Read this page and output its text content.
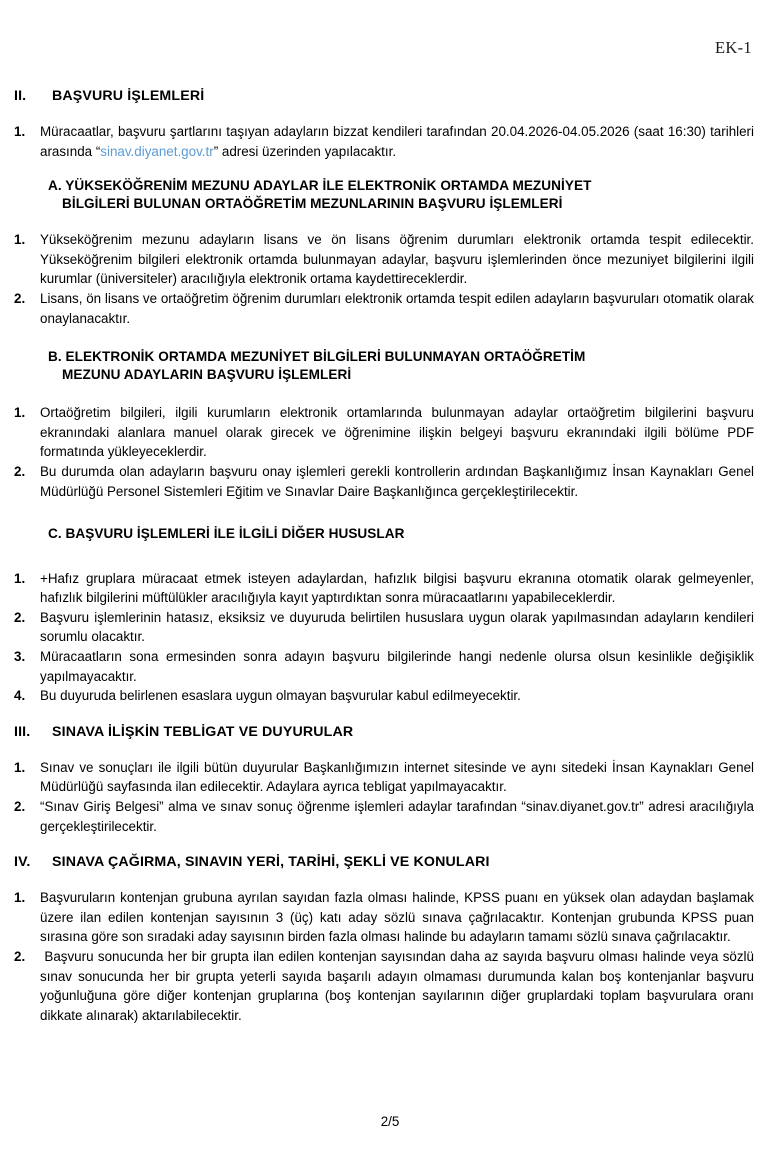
EK-1
II.	BAŞVURU İŞLEMLERİ
1.	Müracaatlar, başvuru şartlarını taşıyan adayların bizzat kendileri tarafından 20.04.2026-04.05.2026 (saat 16:30) tarihleri arasında “sinav.diyanet.gov.tr” adresi üzerinden yapılacaktır.
A. YÜKSEKÖĞRENİM MEZUNU ADAYLAR İLE ELEKTRONİK ORTAMDA MEZUNİYET
BİLGİLERİ BULUNAN ORTAÖĞRETİM MEZUNLARININ BAŞVURU İŞLEMLERİ
1.	Yükseköğrenim mezunu adayların lisans ve ön lisans öğrenim durumları elektronik ortamda tespit edilecektir. Yükseköğrenim bilgileri elektronik ortamda bulunmayan adaylar, başvuru işlemlerinden önce mezuniyet bilgilerini ilgili kurumlar (üniversiteler) aracılığıyla elektronik ortama kaydettireceklerdir.
2.	Lisans, ön lisans ve ortaöğretim öğrenim durumları elektronik ortamda tespit edilen adayların başvuruları otomatik olarak onaylanacaktır.
B. ELEKTRONİK ORTAMDA MEZUNİYET BİLGİLERİ BULUNMAYAN ORTAÖĞRETİM
MEZUNU ADAYLARIN BAŞVURU İŞLEMLERİ
1.	Ortaöğretim bilgileri, ilgili kurumların elektronik ortamlarında bulunmayan adaylar ortaöğretim bilgilerini başvuru ekranındaki alanlara manuel olarak girecek ve öğrenimine ilişkin belgeyi başvuru ekranındaki ilgili bölüme PDF formatında yükleyeceklerdir.
2.	Bu durumda olan adayların başvuru onay işlemleri gerekli kontrollerin ardından Başkanlığımız İnsan Kaynakları Genel Müdürlüğü Personel Sistemleri Eğitim ve Sınavlar Daire Başkanlığınca gerçekleştirilecektir.
C. BAŞVURU İŞLEMLERİ İLE İLGİLİ DİĞER HUSUSLAR
1.	+Hafız gruplara müracaat etmek isteyen adaylardan, hafızlık bilgisi başvuru ekranına otomatik olarak gelmeyenler, hafızlık bilgilerini müftülükler aracılığıyla kayıt yaptırdıktan sonra müracaatlarını yapabileceklerdir.
2.	Başvuru işlemlerinin hatasız, eksiksiz ve duyuruda belirtilen hususlara uygun olarak yapılmasından adayların kendileri sorumlu olacaktır.
3.	Müracaatların sona ermesinden sonra adayın başvuru bilgilerinde hangi nedenle olursa olsun kesinlikle değişiklik yapılmayacaktır.
4.	Bu duyuruda belirlenen esaslara uygun olmayan başvurular kabul edilmeyecektir.
III.	SINAVA İLİŞKİN TEBLİGAT VE DUYURULAR
1.	Sınav ve sonuçları ile ilgili bütün duyurular Başkanlığımızın internet sitesinde ve aynı sitedeki İnsan Kaynakları Genel Müdürlüğü sayfasında ilan edilecektir. Adaylara ayrıca tebligat yapılmayacaktır.
2.	“Sınav Giriş Belgesi” alma ve sınav sonuç öğrenme işlemleri adaylar tarafından “sinav.diyanet.gov.tr” adresi aracılığıyla gerçekleştirilecektir.
IV.	SINAVA ÇAĞIRMA, SINAVIN YERİ, TARİHİ, ŞEKLİ VE KONULARI
1.	Başvuruların kontenjan grubuna ayrılan sayıdan fazla olması halinde, KPSS puanı en yüksek olan adaydan başlamak üzere ilan edilen kontenjan sayısının 3 (üç) katı aday sözlü sınava çağrılacaktır. Kontenjan grubunda KPSS puan sırasına göre son sıradaki aday sayısının birden fazla olması halinde bu adayların tamamı sözlü sınava çağrılacaktır.
2.	Başvuru sonucunda her bir grupta ilan edilen kontenjan sayısından daha az sayıda başvuru olması halinde veya sözlü sınav sonucunda her bir grupta yeterli sayıda başarılı adayın olmaması durumunda kalan boş kontenjanlar başvuru yoğunluğuna göre diğer kontenjan gruplarına (boş kontenjan sayılarının diğer gruplardaki toplam başvurulara oranı dikkate alınarak) aktarılabilecektir.
2/5
